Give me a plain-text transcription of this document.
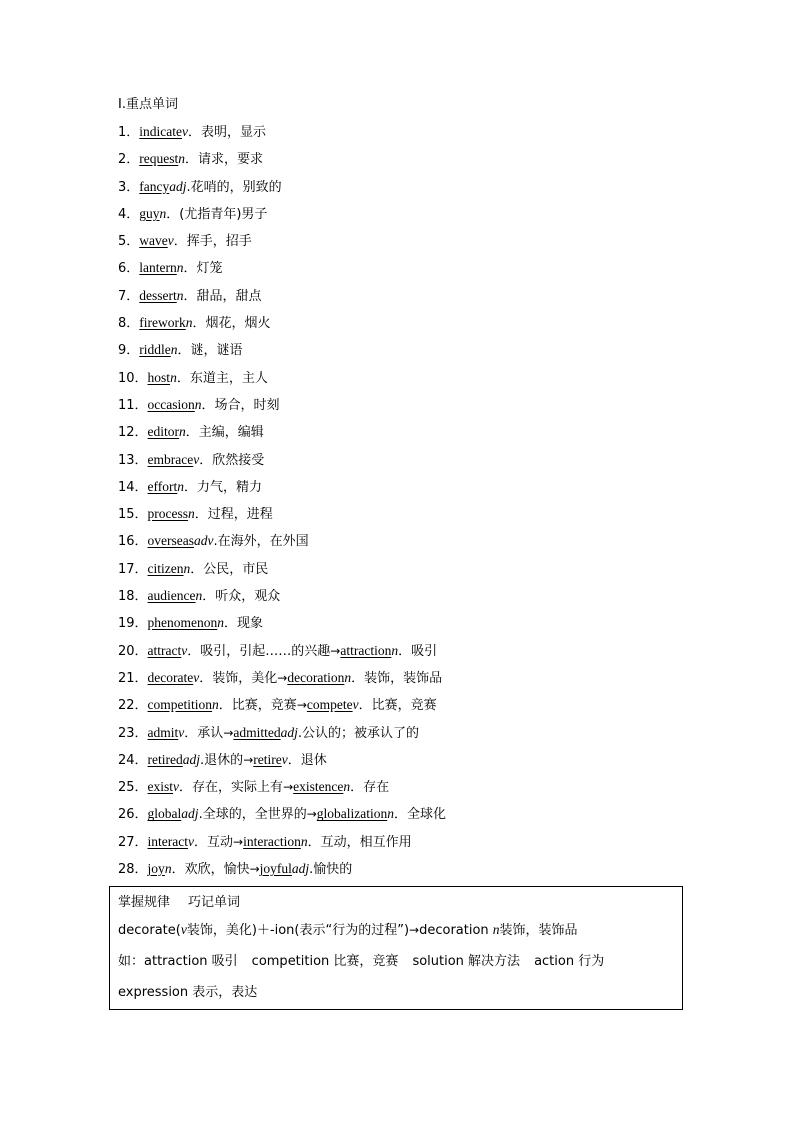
Ⅰ.重点单词
1．indicatev．表明，显示
2．requestn．请求，要求
3．fancyadj.花哨的，别致的
4．guyn．(尤指青年)男子
5．wavev．挥手，招手
6．lanternn．灯笼
7．dessertn．甜品，甜点
8．fireworkn．烟花，烟火
9．riddlen．谜，谜语
10．hostn．东道主，主人
11．occasionn．场合，时刻
12．editorn．主编，编辑
13．embracev．欣然接受
14．effortn．力气，精力
15．processn．过程，进程
16．overseasadv.在海外，在外国
17．citizenn．公民，市民
18．audiencen．听众，观众
19．phenomenonn．现象
20．attractv．吸引，引起……的兴趣→attractionn．吸引
21．decoratev．装饰，美化→decorationn．装饰，装饰品
22．competitionn．比赛，竞赛→competev．比赛，竞赛
23．admitv．承认→admittedadj.公认的；被承认了的
24．retiredadj.退休的→retirev．退休
25．existv．存在，实际上有→existencen．存在
26．globaladj.全球的，全世界的→globalizationn．全球化
27．interactv．互动→interactionn．互动，相互作用
28．joyn．欢欣，愉快→joyfuladj.愉快的

掌握规律 巧记单词

decorate(v装饰，美化)＋-ion(表示“行为的过程”)→decoration n装饰，装饰品

如：attraction 吸引 competition 比赛，竞赛 solution 解决方法 action 行为expression 表示，表达
